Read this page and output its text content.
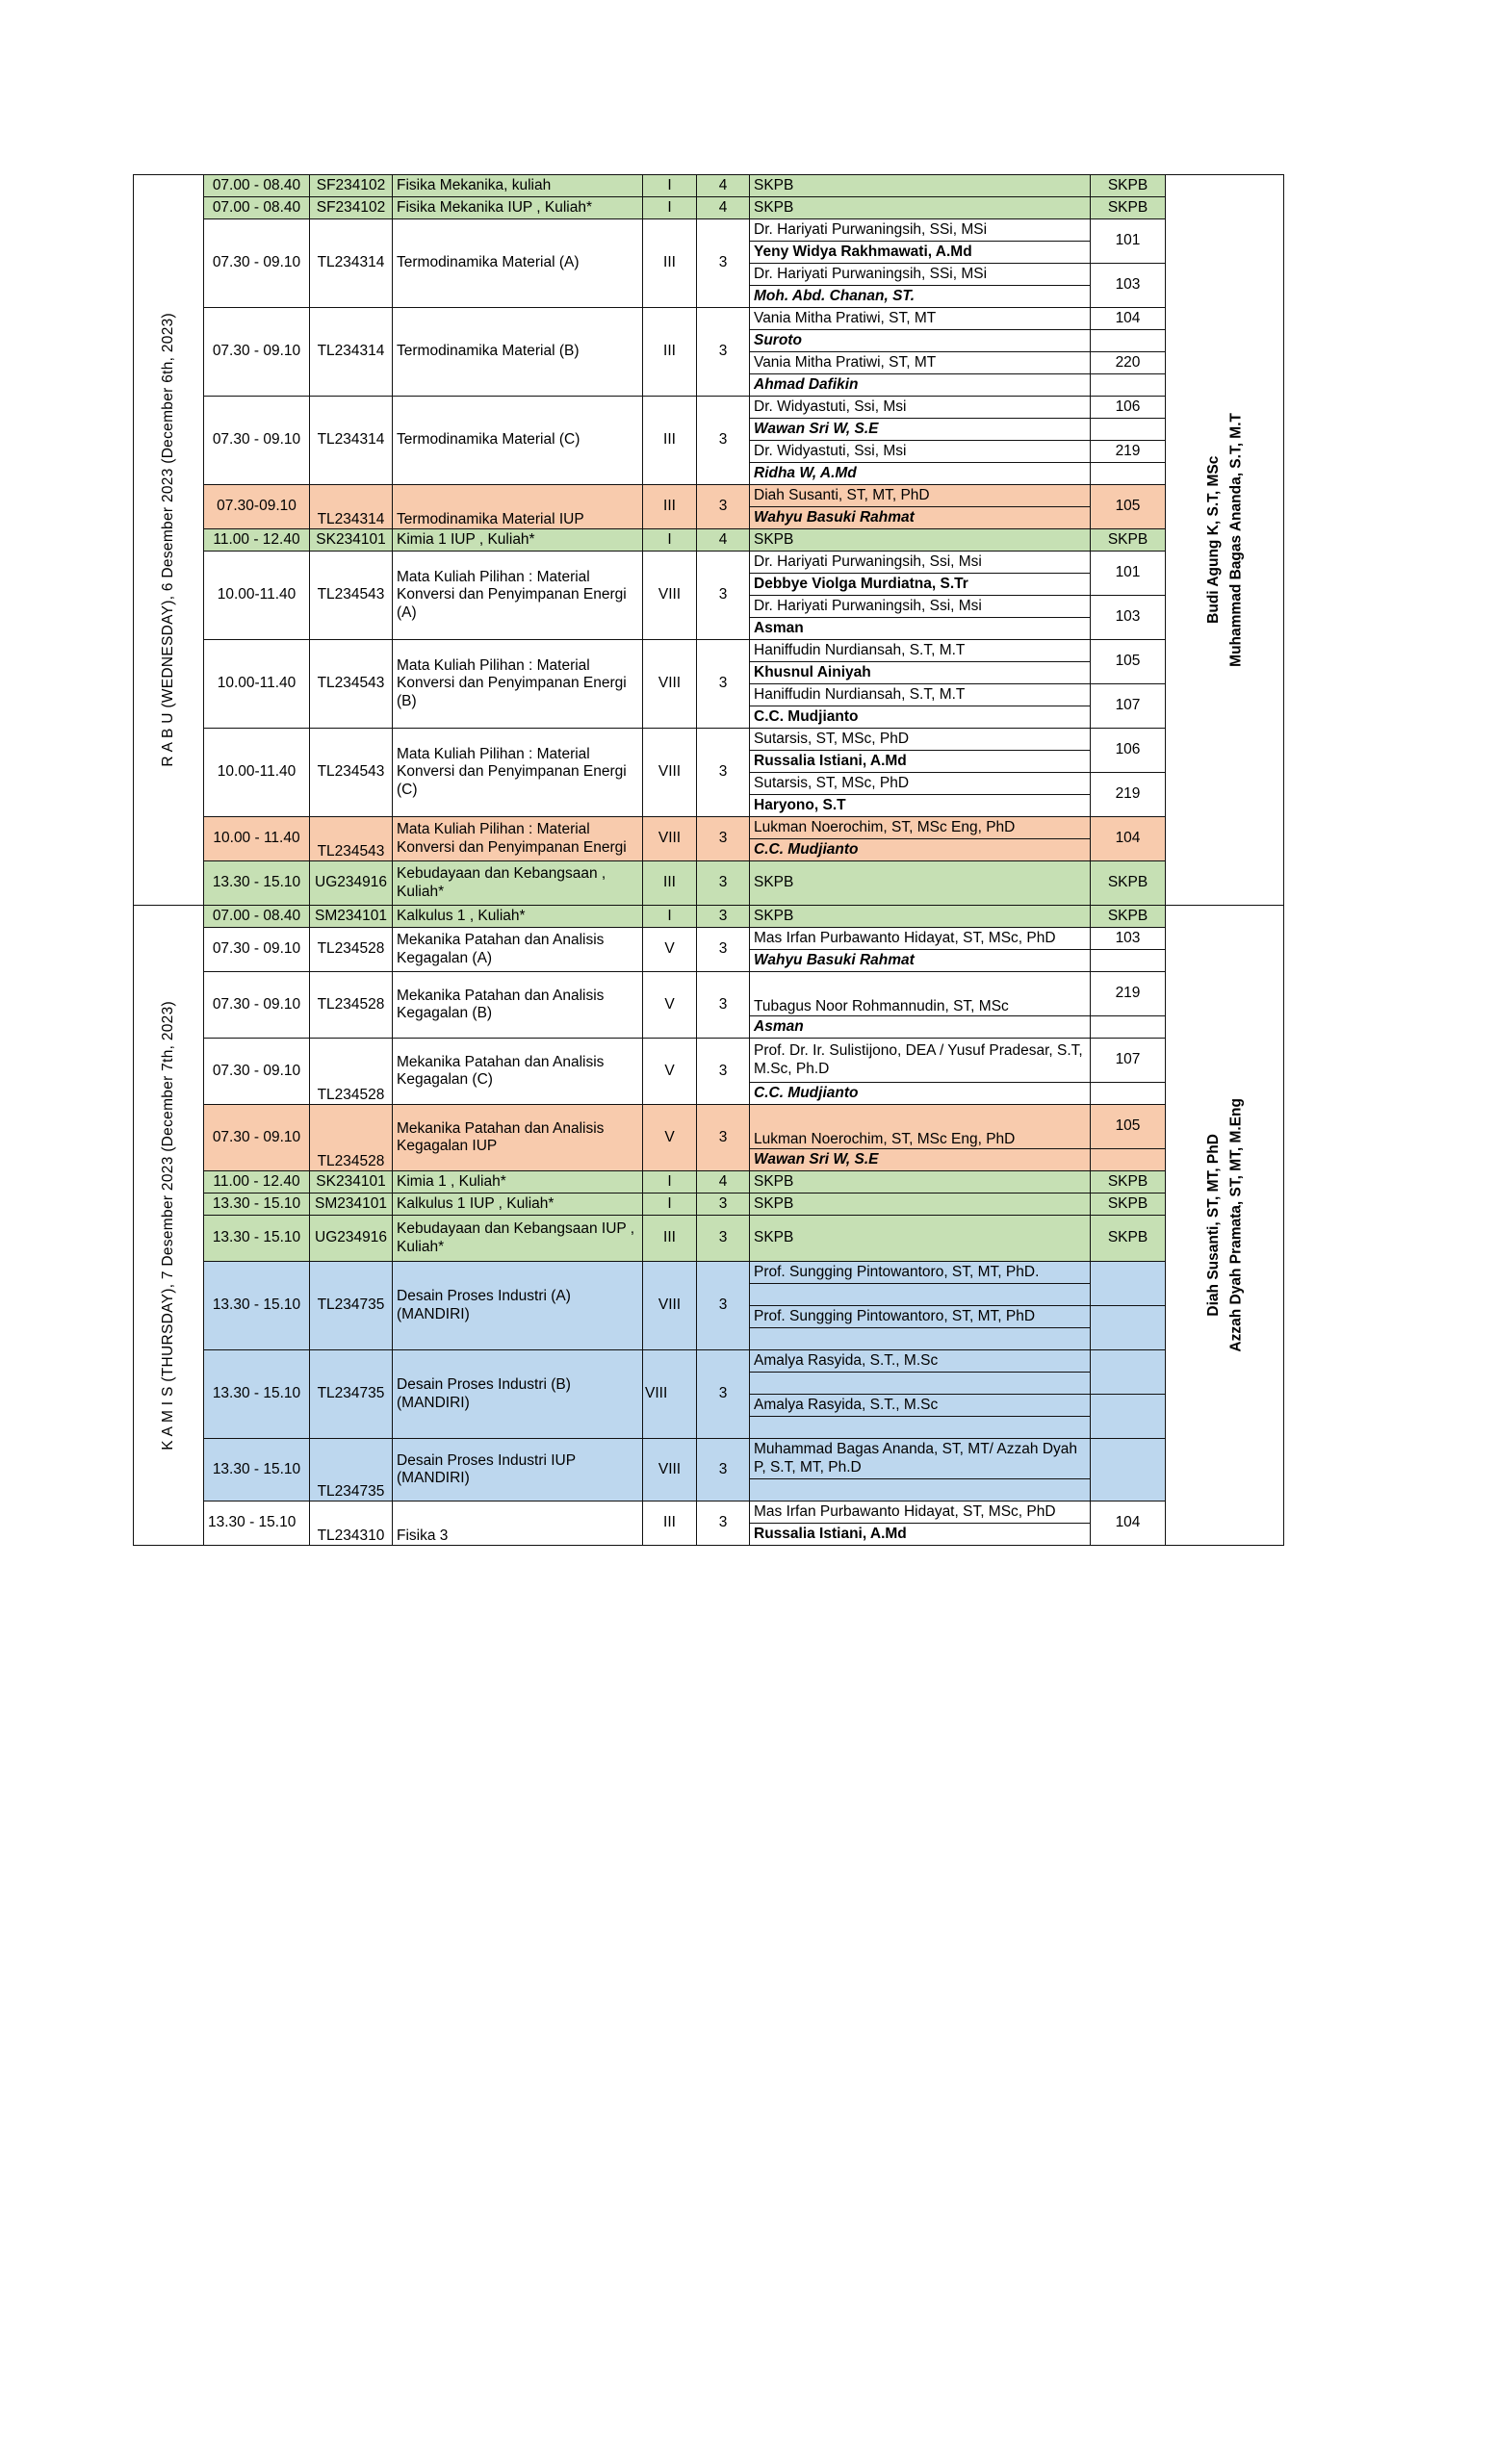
R A B U (WEDNESDAY), 6 Desember 2023 (December 6th, 2023)	07.00 - 08.40	SF234102	Fisika Mekanika, kuliah	I	4	SKPB	SKPB	Budi Agung K, S.T, MSc Muhammad Bagas Ananda, S.T, M.T

	07.00 - 08.40	SF234102	Fisika Mekanika IUP , Kuliah*	I	4	SKPB	SKPB	
	07.30 - 09.10	TL234314	Termodinamika Material (A)	III	3	Dr. Hariyati Purwaningsih, SSi, MSi	101	
						Yeny Widya Rakhmawati, A.Md		
						Dr. Hariyati Purwaningsih, SSi, MSi	103	
						Moh. Abd. Chanan, ST.		
	07.30 - 09.10	TL234314	Termodinamika Material (B)	III	3	Vania Mitha Pratiwi, ST, MT	104	
						Suroto		
						Vania Mitha Pratiwi, ST, MT	220	
						Ahmad Dafikin		
	07.30 - 09.10	TL234314	Termodinamika Material (C)	III	3	Dr. Widyastuti, Ssi, Msi	106	
						Wawan Sri W, S.E		
						Dr. Widyastuti, Ssi, Msi	219	
						Ridha W, A.Md		
	07.30-09.10	TL234314	Termodinamika Material IUP	III	3	Diah Susanti, ST, MT, PhD	105	
						Wahyu Basuki Rahmat		
	11.00 - 12.40	SK234101	Kimia 1 IUP , Kuliah*	I	4	SKPB	SKPB	
	10.00-11.40	TL234543	Mata Kuliah Pilihan : Material Konversi dan Penyimpanan Energi (A)	VIII	3	Dr. Hariyati Purwaningsih, Ssi, Msi	101	
						Debbye Violga Murdiatna, S.Tr		
						Dr. Hariyati Purwaningsih, Ssi, Msi	103	
						Asman		
	10.00-11.40	TL234543	Mata Kuliah Pilihan : Material Konversi dan Penyimpanan Energi (B)	VIII	3	Haniffudin Nurdiansah, S.T, M.T	105	
						Khusnul Ainiyah		
						Haniffudin Nurdiansah, S.T, M.T	107	
						C.C. Mudjianto		
	10.00-11.40	TL234543	Mata Kuliah Pilihan : Material Konversi dan Penyimpanan Energi (C)	VIII	3	Sutarsis, ST, MSc, PhD	106	
						Russalia Istiani, A.Md		
						Sutarsis, ST, MSc, PhD	219	
						Haryono, S.T		
	10.00 - 11.40	TL234543	Mata Kuliah Pilihan : Material Konversi dan Penyimpanan Energi	VIII	3	Lukman Noerochim, ST, MSc Eng, PhD	104	
						C.C. Mudjianto		
	13.30 - 15.10	UG234916	Kebudayaan dan Kebangsaan , Kuliah*	III	3	SKPB	SKPB	

K A M I S (THURSDAY), 7 Desember 2023 (December 7th, 2023)	07.00 - 08.40	SM234101	Kalkulus 1 , Kuliah*	I	3	SKPB	SKPB	Diah Susanti, ST, MT, PhD Azzah Dyah Pramata, ST, MT, M.Eng

	07.30 - 09.10	TL234528	Mekanika Patahan dan Analisis Kegagalan (A)	V	3	Mas Irfan Purbawanto Hidayat, ST, MSc, PhD	103	
						Wahyu Basuki Rahmat		
	07.30 - 09.10	TL234528	Mekanika Patahan dan Analisis Kegagalan (B)	V	3	Tubagus Noor Rohmannudin, ST, MSc	219	
						Asman		
	07.30 - 09.10	TL234528	Mekanika Patahan dan Analisis Kegagalan (C)	V	3	Prof. Dr. Ir. Sulistijono, DEA / Yusuf Pradesar, S.T, M.Sc, Ph.D	107	
						C.C. Mudjianto		
	07.30 - 09.10	TL234528	Mekanika Patahan dan Analisis Kegagalan IUP	V	3	Lukman Noerochim, ST, MSc Eng, PhD	105	
						Wawan Sri W, S.E		
	11.00 - 12.40	SK234101	Kimia 1 , Kuliah*	I	4	SKPB	SKPB	
	13.30 - 15.10	SM234101	Kalkulus 1 IUP , Kuliah*	I	3	SKPB	SKPB	
	13.30 - 15.10	UG234916	Kebudayaan dan Kebangsaan IUP , Kuliah*	III	3	SKPB	SKPB	
	13.30 - 15.10	TL234735	Desain Proses Industri (A) (MANDIRI)	VIII	3	Prof. Sungging Pintowantoro, ST, MT, PhD.		

						Prof. Sungging Pintowantoro, ST, MT, PhD		

	13.30 - 15.10	TL234735	Desain Proses Industri (B) (MANDIRI)	VIII	3	Amalya Rasyida, S.T., M.Sc		

						Amalya Rasyida, S.T., M.Sc		

	13.30 - 15.10	TL234735	Desain Proses Industri IUP (MANDIRI)	VIII	3	Muhammad Bagas Ananda, ST, MT/ Azzah Dyah P, S.T, MT, Ph.D		

	13.30 - 15.10	TL234310	Fisika 3	III	3	Mas Irfan Purbawanto Hidayat, ST, MSc, PhD	104	
						Russalia Istiani, A.Md		
